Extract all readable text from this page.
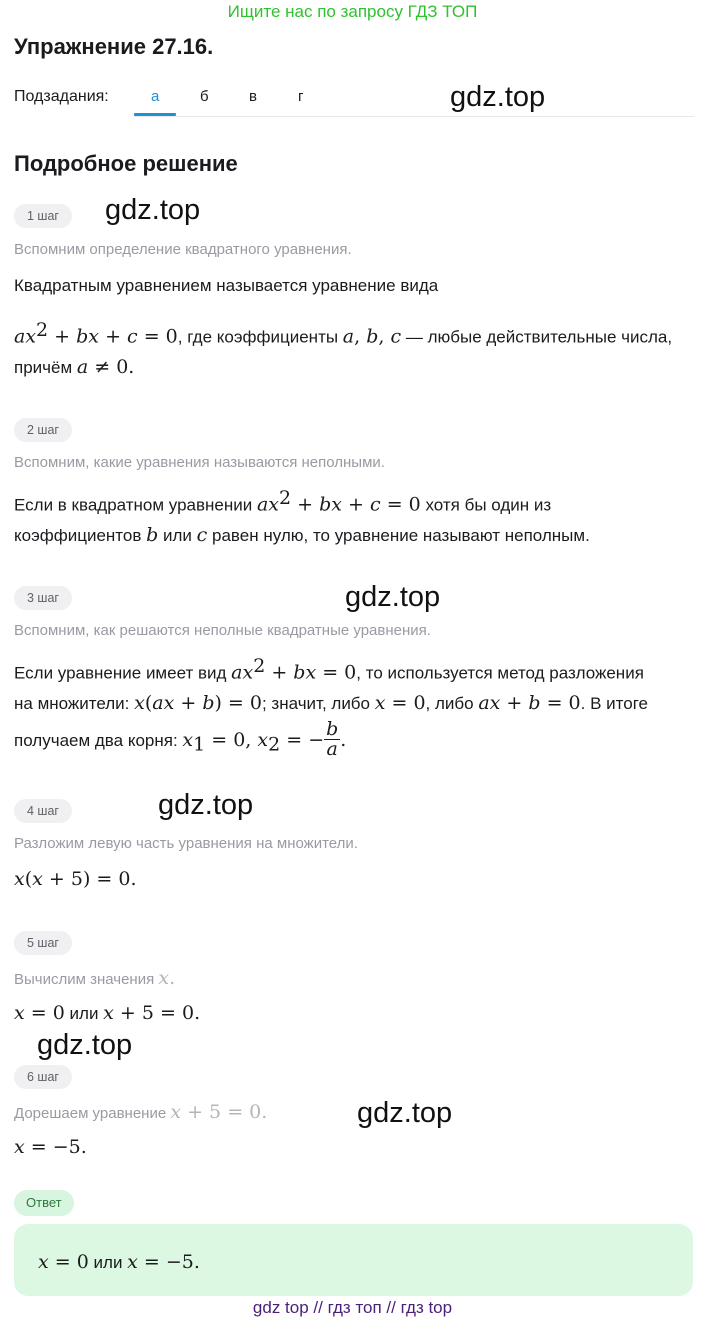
Ищите нас по запросу ГДЗ ТОП
Упражнение 27.16.
Подзадания:	а	б	в	г	gdz.top
Подробное решение
1 шаг	gdz.top
Вспомним определение квадратного уравнения.
Квадратным уравнением называется уравнение вида
$ax^2$ + bx + c = 0, где коэффициенты a, b, c — любые действительные числа,
причём a ≠ 0.
2 шаг
Вспомним, какие уравнения называются неполными.
Если в квадратном уравнении $ax^2$ + bx + c = 0 хотя бы один из
коэффициентов b или c равен нулю, то уравнение называют неполным.
3 шаг	gdz.top
Вспомним, как решаются неполные квадратные уравнения.
Если уравнение имеет вид $ax^2$ + bx = 0, то используется метод разложения
на множители: x(ax + b) = 0; значит, либо x = 0, либо ax + b = 0. В итоге
получаем два корня: $x_1 = 0$, $x_2$ = − $\frac{b}{a}$ .
4 шаг	gdz.top
Разложим левую часть уравнения на множители.
x(x + 5) = 0.
5 шаг
Вычислим значения x.
x = 0 или x + 5 = 0.
gdz.top
6 шаг
gdz.top
Дорешаем уравнение x + 5 = 0.
x = −5.
Ответ
x = 0 или x = −5.
gdz top // гдз топ // гдз top
